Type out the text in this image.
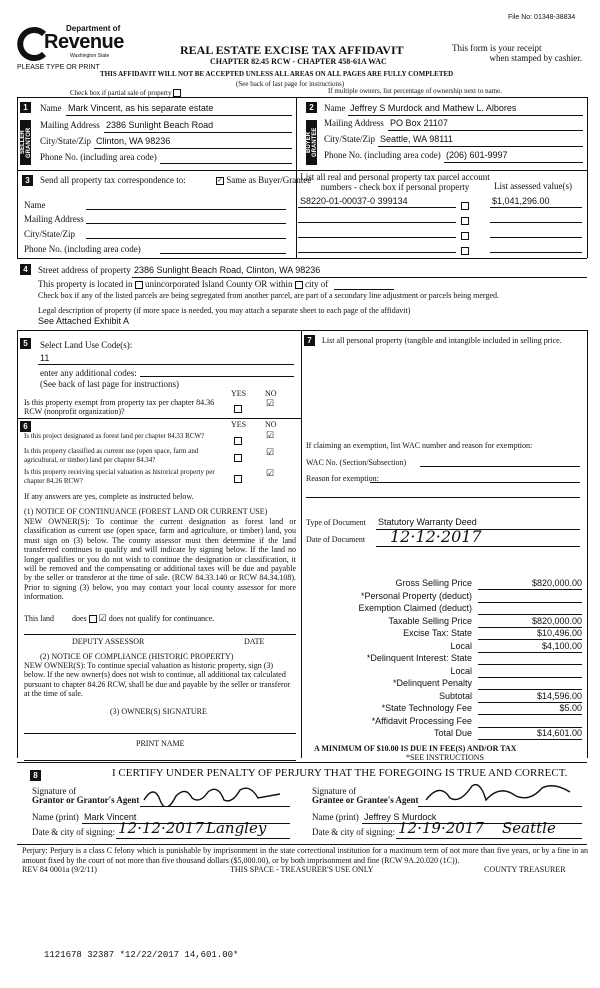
File No: 01348-38834
Department of
Revenue
Washington State
PLEASE TYPE OR PRINT
REAL ESTATE EXCISE TAX AFFIDAVIT
CHAPTER 82.45 RCW - CHAPTER 458-61A WAC
This form is your receipt
when stamped by cashier.
THIS AFFIDAVIT WILL NOT BE ACCEPTED UNLESS ALL AREAS ON ALL PAGES ARE FULLY COMPLETED
(See back of last page for instructions)
Check box if partial sale of property	If multiple owners, list percentage of ownership next to name.
1
SELLER GRANTOR
Name Mark Vincent, as his separate estate
Mailing Address 2386 Sunlight Beach Road
City/State/Zip Clinton, WA 98236
Phone No. (including area code)
2
BUYER GRANTEE
Name Jeffrey S Murdock and Mathew L. Albores
Mailing Address PO Box 21107
City/State/Zip Seattle, WA 98111
Phone No. (including area code) (206) 601-9997
3	Send all property tax correspondence to:	✓ Same as Buyer/Grantee
Name
Mailing Address
City/State/Zip
Phone No. (including area code)
List all real and personal property tax parcel account numbers - check box if personal property	List assessed value(s)
S8220-01-00037-0 399134	$1,041,296.00
4	Street address of property 2386 Sunlight Beach Road, Clinton, WA 98236
This property is located in unincorporated Island County OR within city of
Check box if any of the listed parcels are being segregated from another parcel, are part of a secondary line adjustment or parcels being merged.
Legal description of property (if more space is needed, you may attach a separate sheet to each page of the affidavit)
See Attached Exhibit A
5	Select Land Use Code(s):
11
enter any additional codes:
(See back of last page for instructions)
YES NO
Is this property exempt from property tax per chapter 84.36 RCW (nonprofit organization)?
☑
6	YES NO
Is this project designated as forest land per chapter 84.33 RCW?	☑
Is this property classified as current use (open space, farm and agricultural, or timber) land per chapter 84.34?
☑
Is this property receiving special valuation as historical property per chapter 84.26 RCW?
☑
If any answers are yes, complete as instructed below.
(1) NOTICE OF CONTINUANCE (FOREST LAND OR CURRENT USE)
NEW OWNER(S): To continue the current designation as forest land or classification as current use (open space, farm and agriculture, or timber) land, you must sign on (3) below. The county assessor must then determine if the land transferred continues to qualify and will indicate by signing below. If the land no longer qualifies or you do not wish to continue the designation or classification, it will be removed and the compensating or additional taxes will be due and payable by the seller or transferor at the time of sale. (RCW 84.33.140 or RCW 84.34.108). Prior to signing (3) below, you may contact your local county assessor for more information.
This land does ☑ does not qualify for continuance.
DEPUTY ASSESSOR	DATE
(2) NOTICE OF COMPLIANCE (HISTORIC PROPERTY)
NEW OWNER(S): To continue special valuation as historic property, sign (3) below. If the new owner(s) does not wish to continue, all additional tax calculated pursuant to chapter 84.26 RCW, shall be due and payable by the seller or transferor at the time of sale.
(3) OWNER(S) SIGNATURE
PRINT NAME
7	List all personal property (tangible and intangible included in selling price.
If claiming an exemption, list WAC number and reason for exemption:
WAC No. (Section/Subsection)
Reason for exemption:
Type of Document Statutory Warranty Deed
Date of Document 12·12·2017
Gross Selling Price	$820,000.00
*Personal Property (deduct)
Exemption Claimed (deduct)
Taxable Selling Price	$820,000.00
Excise Tax: State	$10,496.00
Local	$4,100.00
*Delinquent Interest: State
Local
*Delinquent Penalty
Subtotal	$14,596.00
*State Technology Fee	$5.00
*Affidavit Processing Fee
Total Due	$14,601.00
A MINIMUM OF $10.00 IS DUE IN FEE(S) AND/OR TAX
*SEE INSTRUCTIONS
8	I CERTIFY UNDER PENALTY OF PERJURY THAT THE FOREGOING IS TRUE AND CORRECT.
Signature of
Grantor or Grantor's Agent
Name (print) Mark Vincent
Date & city of signing: 12·12·2017 Langley
Signature of
Grantee or Grantee's Agent
Name (print) Jeffrey S Murdock
Date & city of signing: 12·19·2017 Seattle
Perjury: Perjury is a class C felony which is punishable by imprisonment in the state correctional institution for a maximum term of not more than five years, or by a fine in an amount fixed by the court of not more than five thousand dollars ($5,000.00), or by both imprisonment and fine (RCW 9A.20.020 (1C)).
REV 84 0001a (9/2/11)	THIS SPACE - TREASURER'S USE ONLY	COUNTY TREASURER
1121678 32387 *12/22/2017 14,601.00*
